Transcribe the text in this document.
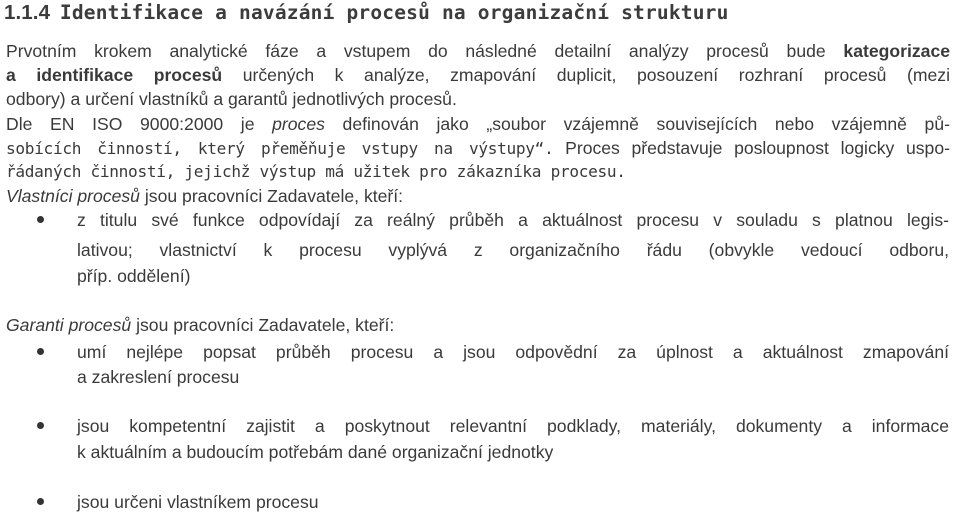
1.1.4 Identifikace a navázání procesů na organizační strukturu
Prvotním krokem analytické fáze a vstupem do následné detailní analýzy procesů bude kategorizace
a identifikace procesů určených k analýze, zmapování duplicit, posouzení rozhraní procesů (mezi
odbory) a určení vlastníků a garantů jednotlivých procesů.
Dle EN ISO 9000:2000 je proces definován jako „soubor vzájemně souvisejících nebo vzájemně pů-
sobících činností, který přeměňuje vstupy na výstupy“. Proces představuje posloupnost logicky uspo-
řádaných činností, jejichž výstup má užitek pro zákazníka procesu.
Vlastníci procesů jsou pracovníci Zadavatele, kteří:
z titulu své funkce odpovídají za reálný průběh a aktuálnost procesu v souladu s platnou legis-
lativou; vlastnictví k procesu vyplývá z organizačního řádu (obvykle vedoucí odboru,
příp. oddělení)
Garanti procesů jsou pracovníci Zadavatele, kteří:
umí nejlépe popsat průběh procesu a jsou odpovědní za úplnost a aktuálnost zmapování
a zakreslení procesu
jsou kompetentní zajistit a poskytnout relevantní podklady, materiály, dokumenty a informace
k aktuálním a budoucím potřebám dané organizační jednotky
jsou určeni vlastníkem procesu
